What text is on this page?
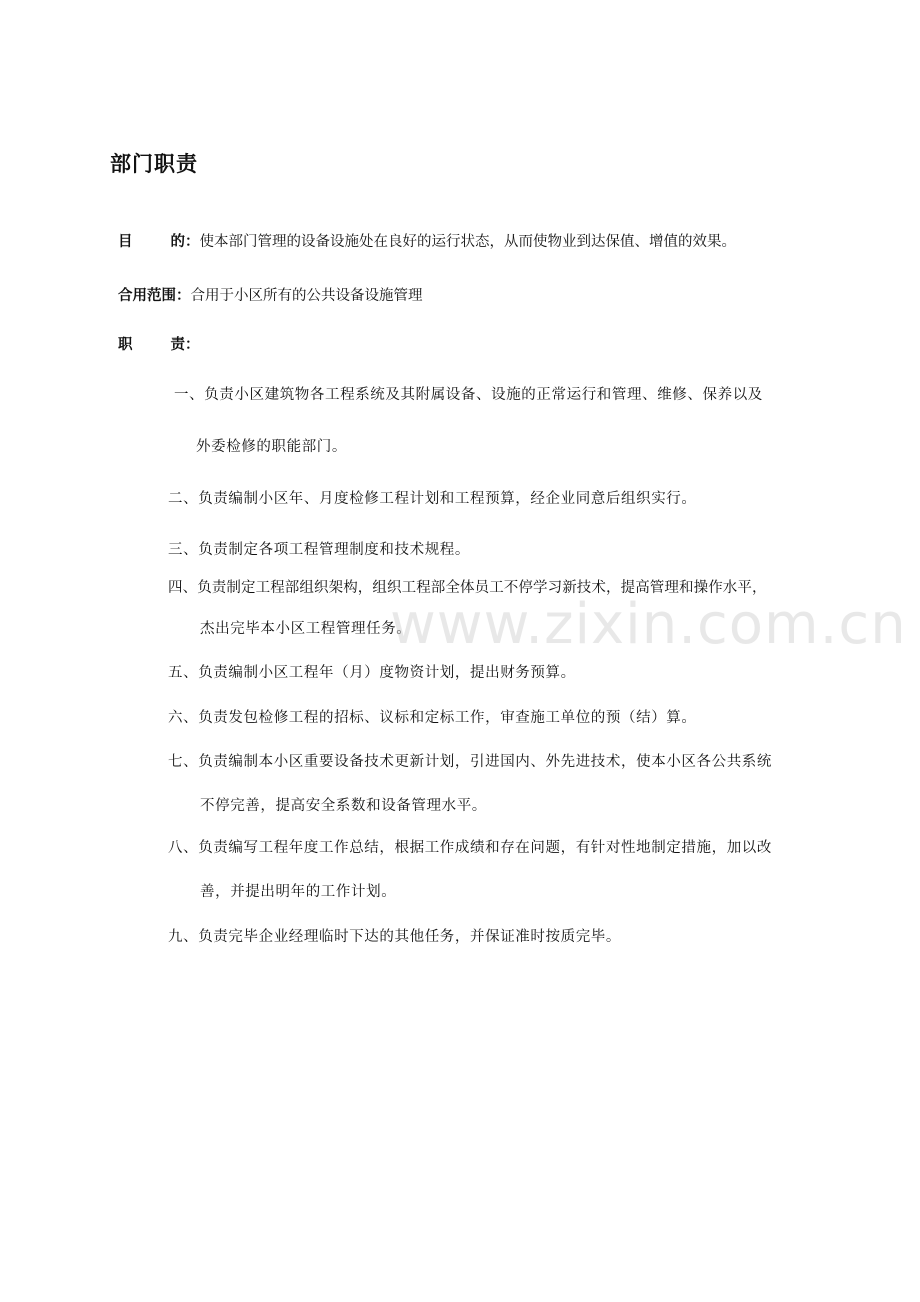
部门职责
目	的：使本部门管理的设备设施处在良好的运行状态，从而使物业到达保值、增值的效果。
合用范围：合用于小区所有的公共设备设施管理
职	责：
一、负责小区建筑物各工程系统及其附属设备、设施的正常运行和管理、维修、保养以及
外委检修的职能部门。
二、负责编制小区年、月度检修工程计划和工程预算，经企业同意后组织实行。
三、负责制定各项工程管理制度和技术规程。
四、负责制定工程部组织架构，组织工程部全体员工不停学习新技术，提高管理和操作水平，
杰出完毕本小区工程管理任务。
五、负责编制小区工程年（月）度物资计划，提出财务预算。
六、负责发包检修工程的招标、议标和定标工作，审查施工单位的预（结）算。
七、负责编制本小区重要设备技术更新计划，引进国内、外先进技术，使本小区各公共系统
不停完善，提高安全系数和设备管理水平。
八、负责编写工程年度工作总结，根据工作成绩和存在问题，有针对性地制定措施，加以改
善，并提出明年的工作计划。
九、负责完毕企业经理临时下达的其他任务，并保证准时按质完毕。
www.zixin.com.cn
